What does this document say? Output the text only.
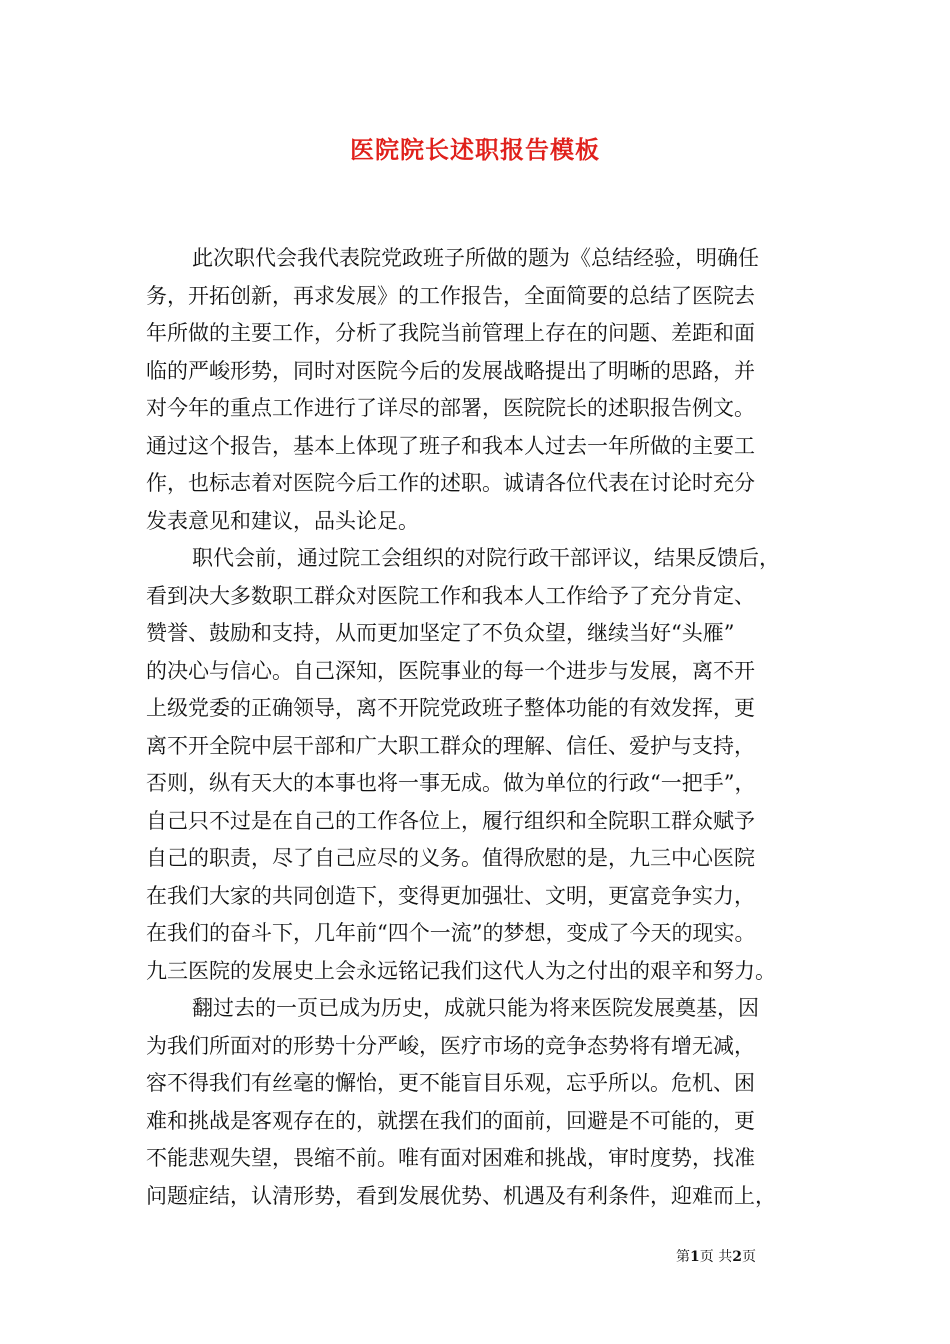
医院院长述职报告模板
此次职代会我代表院党政班子所做的题为《总结经验，明确任
务，开拓创新，再求发展》的工作报告，全面简要的总结了医院去
年所做的主要工作，分析了我院当前管理上存在的问题、差距和面
临的严峻形势，同时对医院今后的发展战略提出了明晰的思路，并
对今年的重点工作进行了详尽的部署，医院院长的述职报告例文。
通过这个报告，基本上体现了班子和我本人过去一年所做的主要工
作，也标志着对医院今后工作的述职。诚请各位代表在讨论时充分
发表意见和建议，品头论足。
职代会前，通过院工会组织的对院行政干部评议，结果反馈后，
看到决大多数职工群众对医院工作和我本人工作给予了充分肯定、
赞誉、鼓励和支持，从而更加坚定了不负众望，继续当好“头雁”
的决心与信心。自己深知，医院事业的每一个进步与发展，离不开
上级党委的正确领导，离不开院党政班子整体功能的有效发挥，更
离不开全院中层干部和广大职工群众的理解、信任、爱护与支持，
否则，纵有天大的本事也将一事无成。做为单位的行政“一把手”，
自己只不过是在自己的工作各位上，履行组织和全院职工群众赋予
自己的职责，尽了自己应尽的义务。值得欣慰的是，九三中心医院
在我们大家的共同创造下，变得更加强壮、文明，更富竞争实力，
在我们的奋斗下，几年前“四个一流”的梦想，变成了今天的现实。
九三医院的发展史上会永远铭记我们这代人为之付出的艰辛和努力。
翻过去的一页已成为历史，成就只能为将来医院发展奠基，因
为我们所面对的形势十分严峻，医疗市场的竞争态势将有增无减，
容不得我们有丝毫的懈怡，更不能盲目乐观，忘乎所以。危机、困
难和挑战是客观存在的，就摆在我们的面前，回避是不可能的，更
不能悲观失望，畏缩不前。唯有面对困难和挑战，审时度势，找准
问题症结，认清形势，看到发展优势、机遇及有利条件，迎难而上，
第1页 共2页
